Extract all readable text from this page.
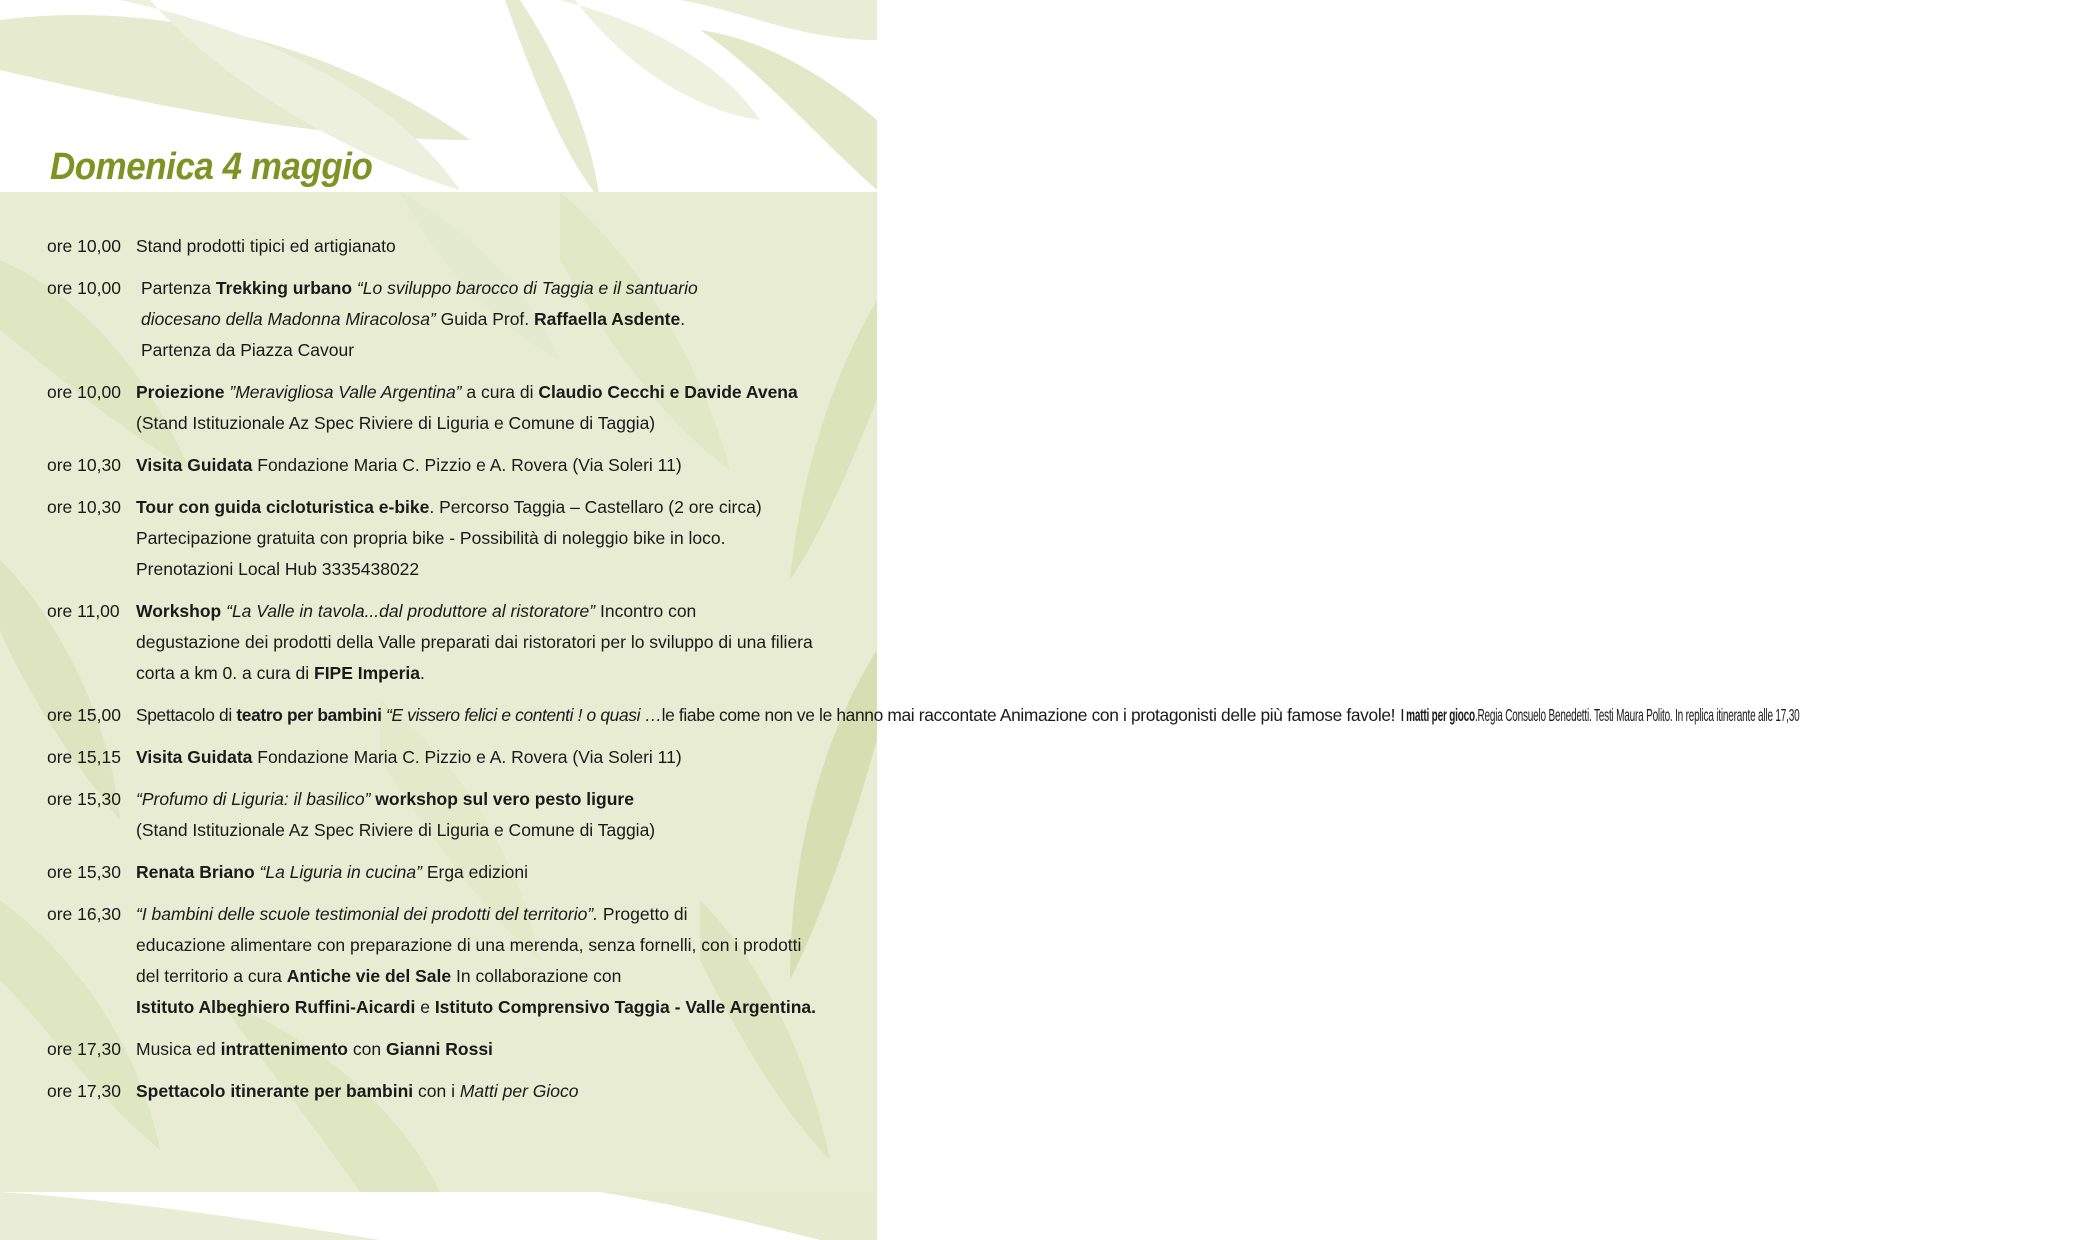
Domenica 4 maggio
ore 10,00 Stand prodotti tipici ed artigianato
ore 10,00	Partenza Trekking urbano “Lo sviluppo barocco di Taggia e il santuario
diocesano della Madonna Miracolosa” Guida Prof. Raffaella Asdente.
Partenza da Piazza Cavour
ore 10,00 Proiezione ”Meravigliosa Valle Argentina” a cura di Claudio Cecchi e Davide Avena
(Stand Istituzionale Az Spec Riviere di Liguria e Comune di Taggia)
ore 10,30 Visita Guidata Fondazione Maria C. Pizzio e A. Rovera (Via Soleri 11)
ore 10,30 Tour con guida cicloturistica e-bike. Percorso Taggia – Castellaro (2 ore circa)
Partecipazione gratuita con propria bike - Possibilità di noleggio bike in loco.
Prenotazioni Local Hub 3335438022
ore 11,00 Workshop “La Valle in tavola...dal produttore al ristoratore” Incontro con
degustazione dei prodotti della Valle preparati dai ristoratori per lo sviluppo di una filiera
corta a km 0. a cura di FIPE Imperia.
ore 15,00 Spettacolo di teatro per bambini “E vissero felici e contenti ! o quasi …le fiabe come non ve le hanno mai raccontate Animazione con i protagonisti delle più famose favole! I matti per gioco.Regia Consuelo Benedetti. Testi Maura Polito. In replica itinerante alle 17,30
ore 15,15 Visita Guidata Fondazione Maria C. Pizzio e A. Rovera (Via Soleri 11)
ore 15,30 “Profumo di Liguria: il basilico” workshop sul vero pesto ligure
(Stand Istituzionale Az Spec Riviere di Liguria e Comune di Taggia)
ore 15,30 Renata Briano “La Liguria in cucina” Erga edizioni
ore 16,30 “I bambini delle scuole testimonial dei prodotti del territorio”. Progetto di
educazione alimentare con preparazione di una merenda, senza fornelli, con i prodotti
del territorio a cura Antiche vie del Sale In collaborazione con
Istituto Albeghiero Ruffini-Aicardi e Istituto Comprensivo Taggia - Valle Argentina.
ore 17,30 Musica ed intrattenimento con Gianni Rossi
ore 17,30 Spettacolo itinerante per bambini con i Matti per Gioco
